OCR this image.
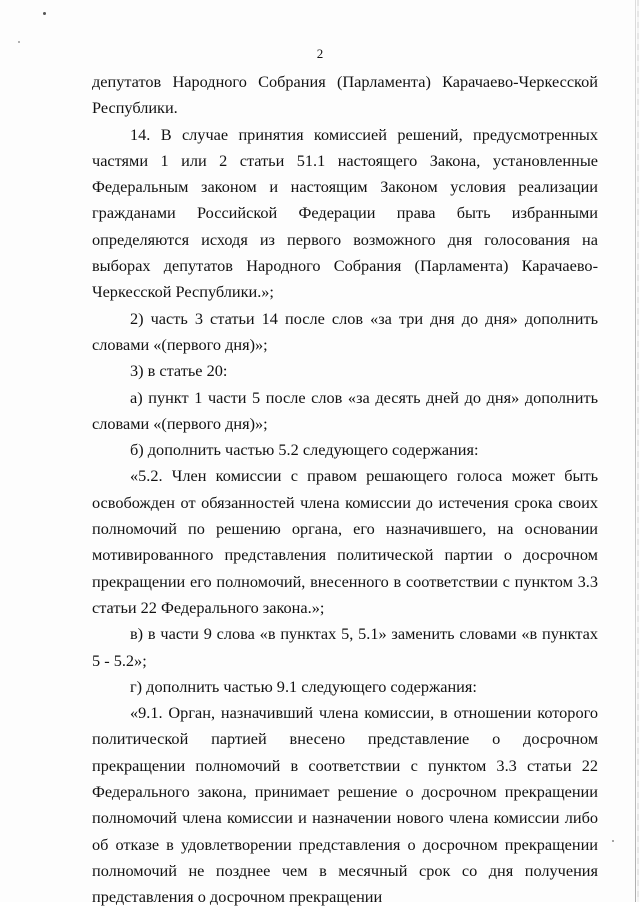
2

депутатов Народного Собрания (Парламента) Карачаево-Черкесской Республики.

14. В случае принятия комиссией решений, предусмотренных частями 1 или 2 статьи 51.1 настоящего Закона, установленные Федеральным законом и настоящим Законом условия реализации гражданами Российской Федерации права быть избранными определяются исходя из первого возможного дня голосования на выборах депутатов Народного Собрания (Парламента) Карачаево-Черкесской Республики.»;

2) часть 3 статьи 14 после слов «за три дня до дня» дополнить словами «(первого дня)»;

3) в статье 20:

а) пункт 1 части 5 после слов «за десять дней до дня» дополнить словами «(первого дня)»;

б) дополнить частью 5.2 следующего содержания:

«5.2. Член комиссии с правом решающего голоса может быть освобожден от обязанностей члена комиссии до истечения срока своих полномочий по решению органа, его назначившего, на основании мотивированного представления политической партии о досрочном прекращении его полномочий, внесенного в соответствии с пунктом 3.3 статьи 22 Федерального закона.»;

в) в части 9 слова «в пунктах 5, 5.1» заменить словами «в пунктах 5 - 5.2»;

г) дополнить частью 9.1 следующего содержания:

«9.1. Орган, назначивший члена комиссии, в отношении которого политической партией внесено представление о досрочном прекращении полномочий в соответствии с пунктом 3.3 статьи 22 Федерального закона, принимает решение о досрочном прекращении полномочий члена комиссии и назначении нового члена комиссии либо об отказе в удовлетворении представления о досрочном прекращении полномочий не позднее чем в месячный срок со дня получения представления о досрочном прекращении
